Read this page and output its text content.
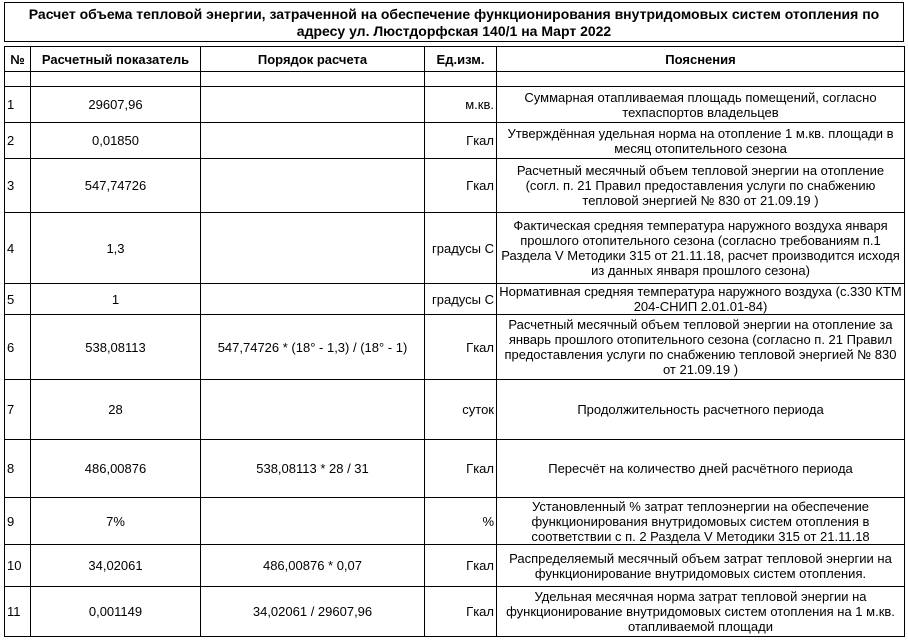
Расчет объема тепловой энергии, затраченной на обеспечение функционирования внутридомовых систем отопления по
адресу ул. Люстдорфская 140/1 на Март 2022
№	Расчетный показатель	Порядок расчета	Ед.изм.	Пояснения

1	29607,96		м.кв.	Суммарная отапливаемая площадь помещений, согласно техпаспортов владельцев
2	0,01850		Гкал	Утверждённая удельная норма на отопление 1 м.кв. площади в месяц отопительного сезона
3	547,74726		Гкал	Расчетный месячный объем тепловой энергии на отопление (согл. п. 21 Правил предоставления услуги по снабжению тепловой энергией № 830 от 21.09.19 )
4	1,3		градусы С	Фактическая средняя температура наружного воздуха января прошлого отопительного сезона (согласно требованиям п.1 Раздела V Методики 315 от 21.11.18, расчет производится исходя из данных января прошлого сезона)
5	1		градусы С	Нормативная средняя температура наружного воздуха (с.330 КТМ 204-СНИП 2.01.01-84)
6	538,08113	547,74726 * (18° - 1,3) / (18° - 1)	Гкал	Расчетный месячный объем тепловой энергии на отопление за январь прошлого отопительного сезона (согласно п. 21 Правил предоставления услуги по снабжению тепловой энергией № 830 от 21.09.19 )
7	28		суток	Продолжительность расчетного периода
8	486,00876	538,08113 * 28 / 31	Гкал	Пересчёт на количество дней расчётного периода
9	7%		%	Установленный % затрат теплоэнергии на обеспечение функционирования внутридомовых систем отопления в соответствии с п. 2 Раздела V Методики 315 от 21.11.18
10	34,02061	486,00876 * 0,07	Гкал	Распределяемый месячный объем затрат тепловой энергии на функционирование внутридомовых систем отопления.
11	0,001149	34,02061 / 29607,96	Гкал	Удельная месячная норма затрат тепловой энергии на функционирование внутридомовых систем отопления на 1 м.кв. отапливаемой площади
